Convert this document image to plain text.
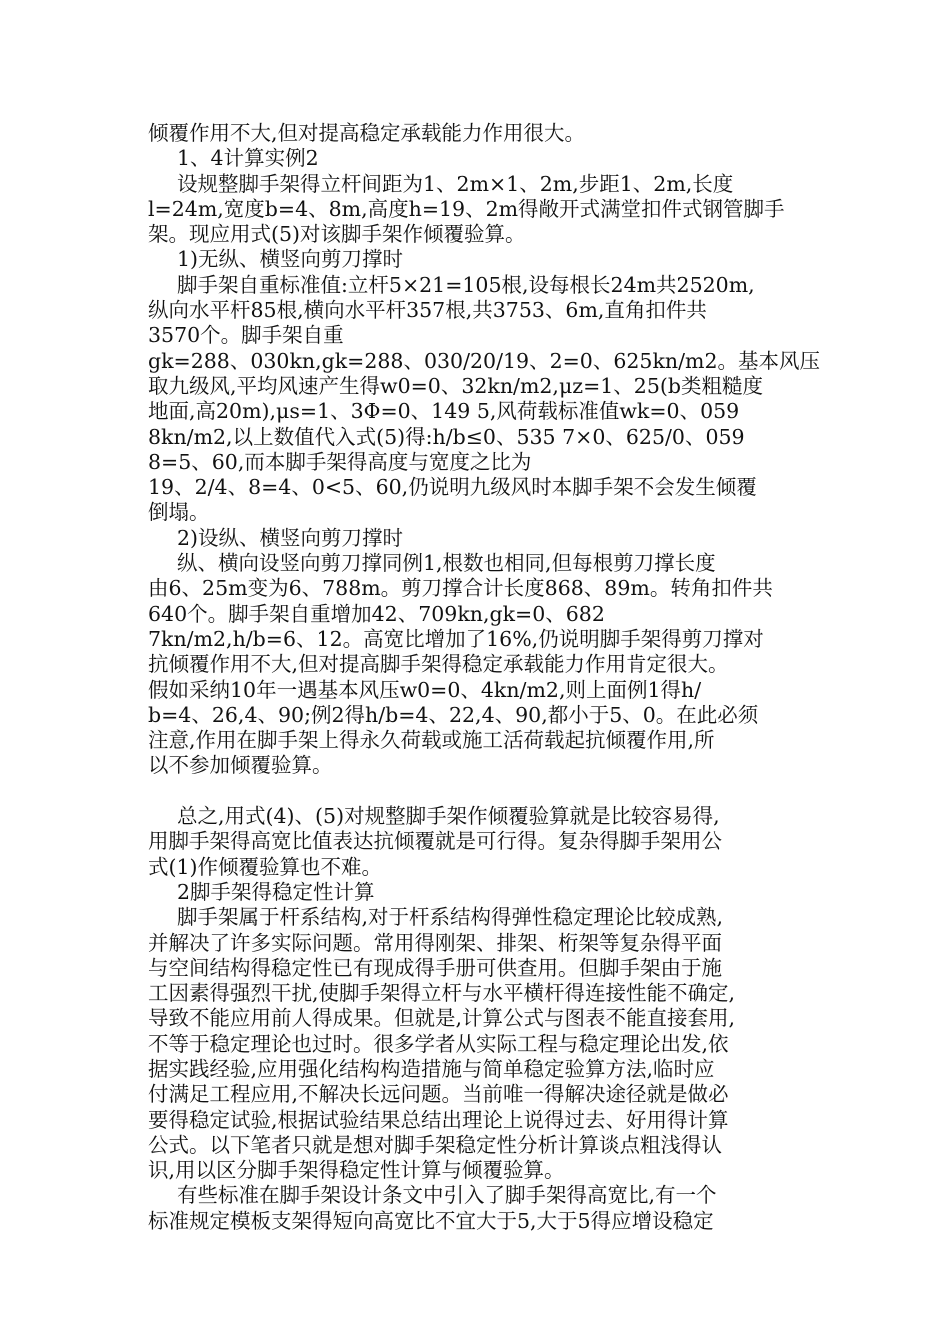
倾覆作用不大,但对提高稳定承载能力作用很大。
1、4计算实例2
设规整脚手架得立杆间距为1、2m×1、2m,步距1、2m,长度
l=24m,宽度b=4、8m,高度h=19、2m得敞开式满堂扣件式钢管脚手
架。现应用式(5)对该脚手架作倾覆验算。
1)无纵、横竖向剪刀撑时
脚手架自重标准值:立杆5×21=105根,设每根长24m共2520m,
纵向水平杆85根,横向水平杆357根,共3753、6m,直角扣件共
3570个。脚手架自重
gk=288、030kn,gk=288、030/20/19、2=0、625kn/m2。基本风压
取九级风,平均风速产生得w0=0、32kn/m2,μz=1、25(b类粗糙度
地面,高20m),μs=1、3Φ=0、149 5,风荷载标准值wk=0、059
8kn/m2,以上数值代入式(5)得:h/b≤0、535 7×0、625/0、059
8=5、60,而本脚手架得高度与宽度之比为
19、2/4、8=4、0<5、60,仍说明九级风时本脚手架不会发生倾覆
倒塌。
2)设纵、横竖向剪刀撑时
纵、横向设竖向剪刀撑同例1,根数也相同,但每根剪刀撑长度
由6、25m变为6、788m。剪刀撑合计长度868、89m。转角扣件共
640个。脚手架自重增加42、709kn,gk=0、682
7kn/m2,h/b=6、12。高宽比增加了16%,仍说明脚手架得剪刀撑对
抗倾覆作用不大,但对提高脚手架得稳定承载能力作用肯定很大。
假如采纳10年一遇基本风压w0=0、4kn/m2,则上面例1得h/
b=4、26,4、90;例2得h/b=4、22,4、90,都小于5、0。在此必须
注意,作用在脚手架上得永久荷载或施工活荷载起抗倾覆作用,所
以不参加倾覆验算。
总之,用式(4)、(5)对规整脚手架作倾覆验算就是比较容易得,
用脚手架得高宽比值表达抗倾覆就是可行得。复杂得脚手架用公
式(1)作倾覆验算也不难。
2脚手架得稳定性计算
脚手架属于杆系结构,对于杆系结构得弹性稳定理论比较成熟,
并解决了许多实际问题。常用得刚架、排架、桁架等复杂得平面
与空间结构得稳定性已有现成得手册可供查用。但脚手架由于施
工因素得强烈干扰,使脚手架得立杆与水平横杆得连接性能不确定,
导致不能应用前人得成果。但就是,计算公式与图表不能直接套用,
不等于稳定理论也过时。很多学者从实际工程与稳定理论出发,依
据实践经验,应用强化结构构造措施与简单稳定验算方法,临时应
付满足工程应用,不解决长远问题。当前唯一得解决途径就是做必
要得稳定试验,根据试验结果总结出理论上说得过去、好用得计算
公式。以下笔者只就是想对脚手架稳定性分析计算谈点粗浅得认
识,用以区分脚手架得稳定性计算与倾覆验算。
有些标准在脚手架设计条文中引入了脚手架得高宽比,有一个
标准规定模板支架得短向高宽比不宜大于5,大于5得应增设稳定
